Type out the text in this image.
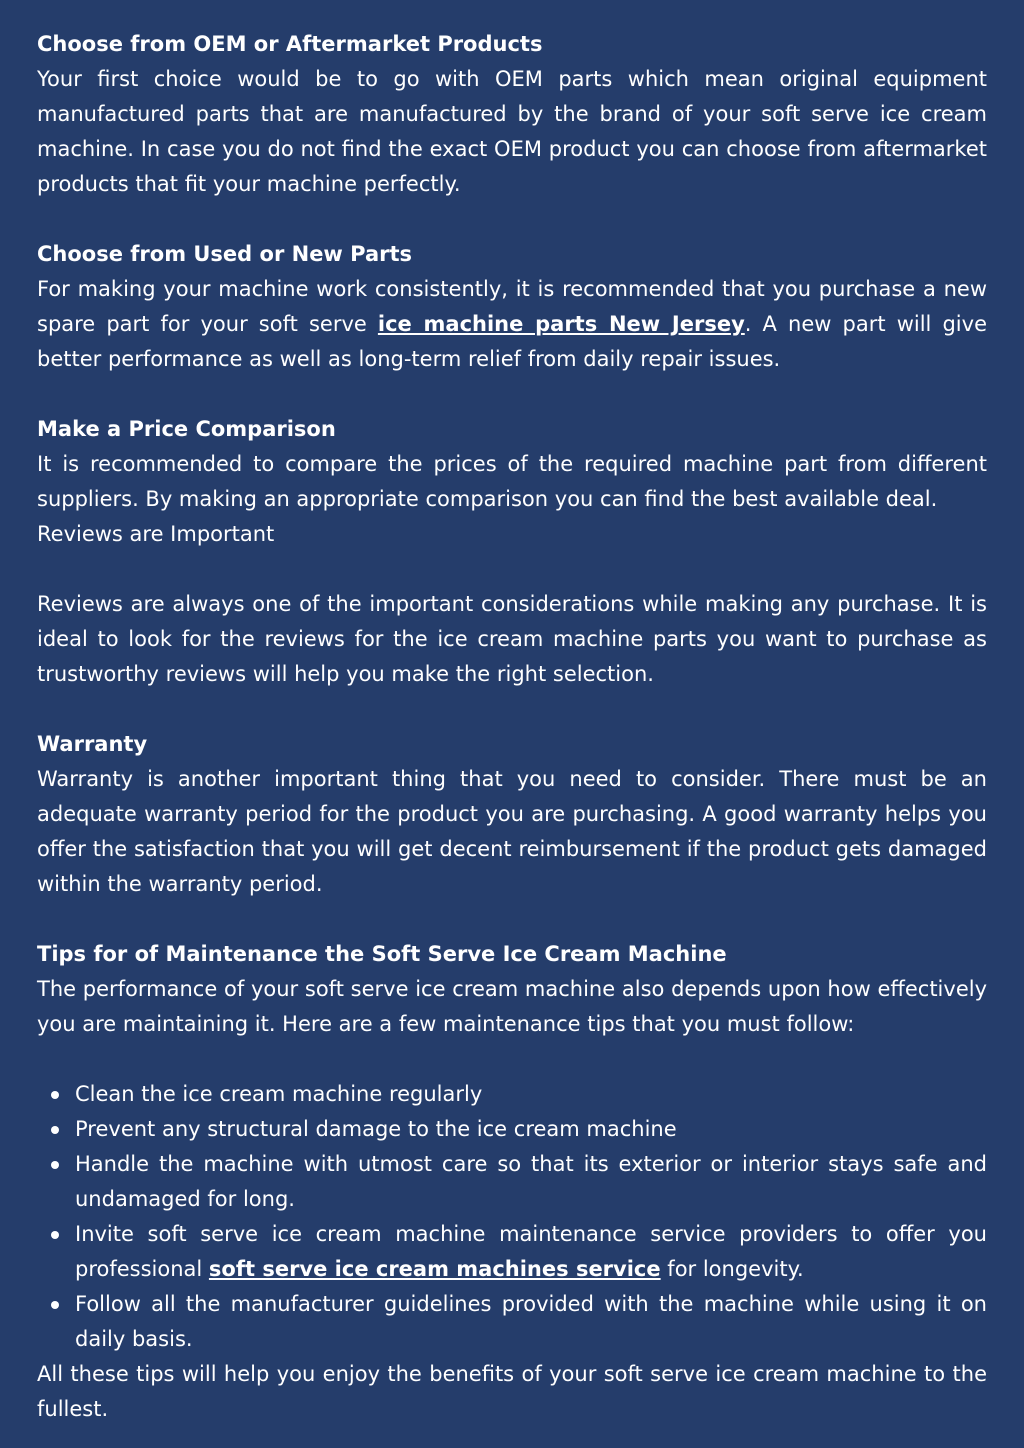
Choose from OEM or Aftermarket Products

Your first choice would be to go with OEM parts which mean original equipment manufactured parts that are manufactured by the brand of your soft serve ice cream machine. In case you do not find the exact OEM product you can choose from aftermarket products that fit your machine perfectly.

Choose from Used or New Parts

For making your machine work consistently, it is recommended that you purchase a new spare part for your soft serve ice machine parts New Jersey. A new part will give better performance as well as long-term relief from daily repair issues.

Make a Price Comparison

It is recommended to compare the prices of the required machine part from different suppliers. By making an appropriate comparison you can find the best available deal.

Reviews are Important

Reviews are always one of the important considerations while making any purchase. It is ideal to look for the reviews for the ice cream machine parts you want to purchase as trustworthy reviews will help you make the right selection.

Warranty

Warranty is another important thing that you need to consider. There must be an adequate warranty period for the product you are purchasing. A good warranty helps you offer the satisfaction that you will get decent reimbursement if the product gets damaged within the warranty period.

Tips for of Maintenance the Soft Serve Ice Cream Machine

The performance of your soft serve ice cream machine also depends upon how effectively you are maintaining it. Here are a few maintenance tips that you must follow:

Clean the ice cream machine regularly
Prevent any structural damage to the ice cream machine
Handle the machine with utmost care so that its exterior or interior stays safe and undamaged for long.
Invite soft serve ice cream machine maintenance service providers to offer you professional soft serve ice cream machines service for longevity.
Follow all the manufacturer guidelines provided with the machine while using it on daily basis.

All these tips will help you enjoy the benefits of your soft serve ice cream machine to the fullest.
